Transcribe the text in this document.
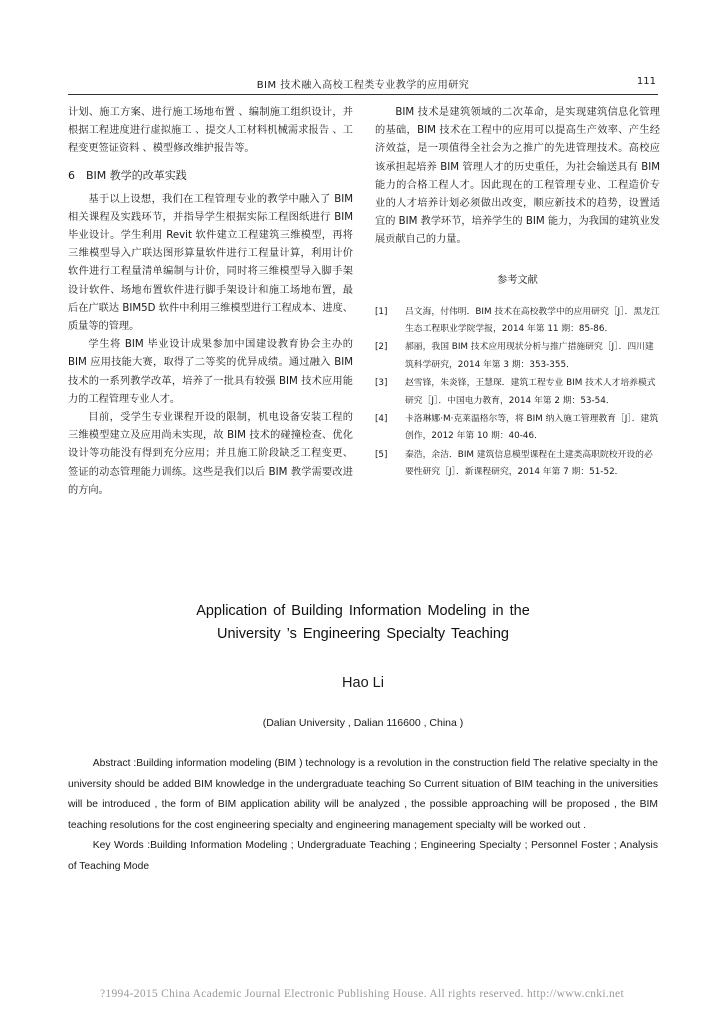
BIM 技术融入高校工程类专业教学的应用研究	111

计划、施工方案、进行施工场地布置 、编制施工组织设计，并根据工程进度进行虚拟施工 、提交人工材料机械需求报告 、工程变更签证资料 、模型修改维护报告等。

6　BIM 教学的改革实践

基于以上设想，我们在工程管理专业的教学中融入了 BIM 相关课程及实践环节，并指导学生根据实际工程图纸进行 BIM 毕业设计。学生利用 Revit 软件建立工程建筑三维模型，再将三维模型导入广联达图形算量软件进行工程量计算，利用计价软件进行工程量清单编制与计价，同时将三维模型导入脚手架设计软件、场地布置软件进行脚手架设计和施工场地布置，最后在广联达 BIM5D 软件中利用三维模型进行工程成本、进度、质量等的管理。

学生将 BIM 毕业设计成果参加中国建设教育协会主办的 BIM 应用技能大赛，取得了二等奖的优异成绩。通过融入 BIM 技术的一系列教学改革，培养了一批具有较强 BIM 技术应用能力的工程管理专业人才。

目前，受学生专业课程开设的限制，机电设备安装工程的三维模型建立及应用尚未实现，故 BIM 技术的碰撞检查、优化设计等功能没有得到充分应用；并且施工阶段缺乏工程变更、签证的动态管理能力训练。这些是我们以后 BIM 教学需要改进的方向。

BIM 技术是建筑领域的二次革命，是实现建筑信息化管理的基础，BIM 技术在工程中的应用可以提高生产效率、产生经济效益，是一项值得全社会为之推广的先进管理技术。高校应该承担起培养 BIM 管理人才的历史重任，为社会输送具有 BIM 能力的合格工程人才。因此现在的工程管理专业、工程造价专业的人才培养计划必须做出改变，顺应新技术的趋势，设置适宜的 BIM 教学环节，培养学生的 BIM 能力，为我国的建筑业发展贡献自己的力量。

参考文献
[1] 吕文海，付伟明．BIM 技术在高校教学中的应用研究［J］．黑龙江生态工程职业学院学报，2014 年第 11 期：85-86．
[2] 郝丽，我国 BIM 技术应用现状分析与推广措施研究［J］．四川建筑科学研究，2014 年第 3 期：353-355．
[3] 赵雪锋，朱炎锋，王慧琛．建筑工程专业 BIM 技术人才培养模式研究［J］．中国电力教育，2014 年第 2 期：53-54．
[4] 卡洛琳娜·M·克莱温格尔等，将 BIM 纳入施工管理教育［J］．建筑创作，2012 年第 10 期：40-46．
[5] 秦浩，余洁．BIM 建筑信息模型课程在土建类高职院校开设的必要性研究［J］．新课程研究，2014 年第 7 期：51-52．
Application of Building Information Modeling in the
University ’s Engineering Specialty Teaching
Hao Li
(Dalian University , Dalian 116600 , China )

Abstract :Building information modeling (BIM ) technology is a revolution in the construction field The relative specialty in the university should be added BIM knowledge in the undergraduate teaching So Current situation of BIM teaching in the universities will be introduced , the form of BIM application ability will be analyzed , the possible approaching will be proposed , the BIM teaching resolutions for the cost engineering specialty and engineering management specialty will be worked out .

Key Words :Building Information Modeling ; Undergraduate Teaching ; Engineering Specialty ; Personnel Foster ; Analysis of Teaching Mode

?1994-2015 China Academic Journal Electronic Publishing House. All rights reserved. http://www.cnki.net
